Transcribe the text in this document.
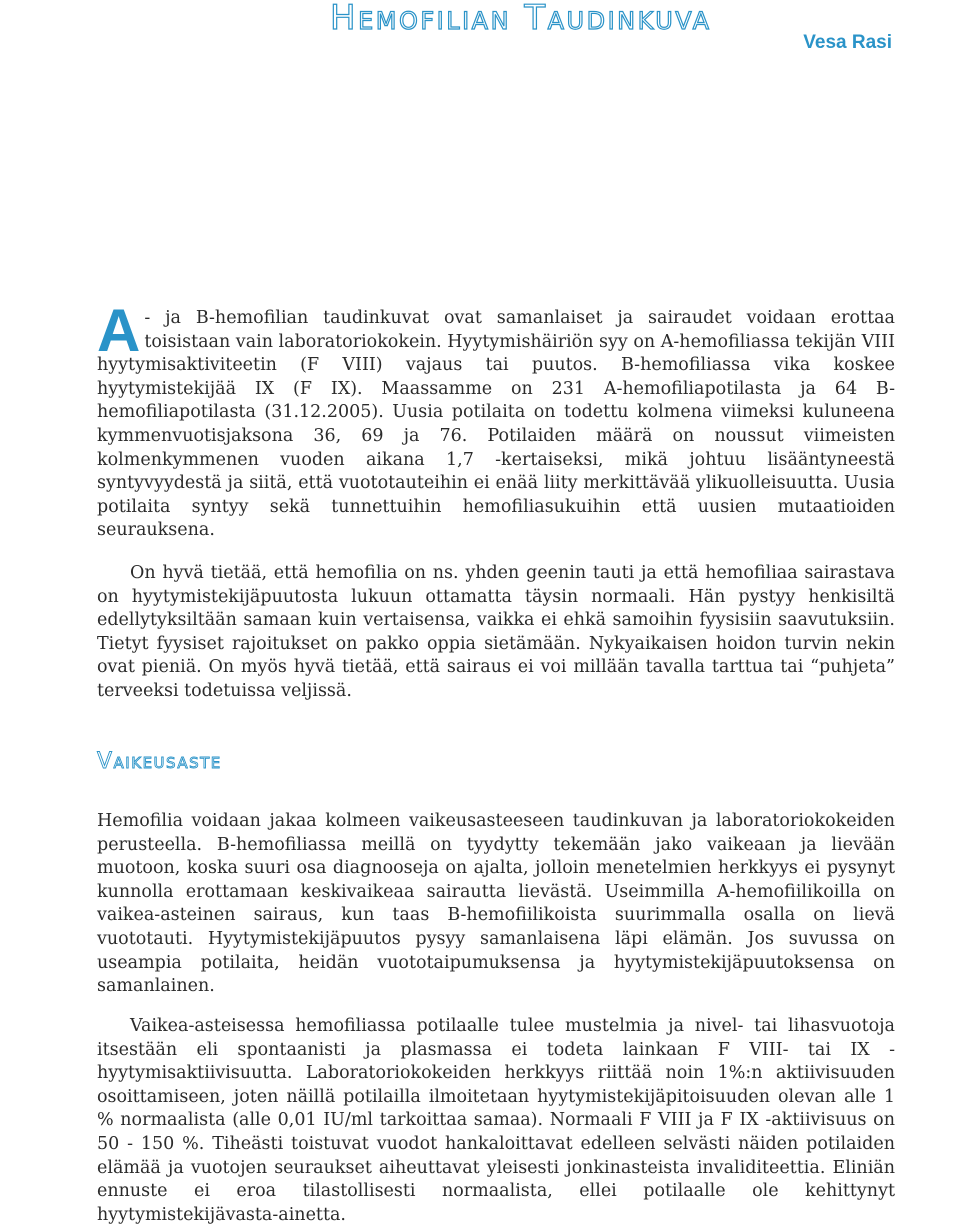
Hemofilian Taudinkuva
Vesa Rasi

A - ja B-hemofilian taudinkuvat ovat samanlaiset ja sairaudet voidaan erottaa toisistaan vain laboratoriokokein. Hyytymishäiriön syy on A-hemofiliassa tekijän VIII hyytymisaktiviteetin (F VIII) vajaus tai puutos. B-hemofiliassa vika koskee hyytymistekijää IX (F IX). Maassamme on 231 A-hemofiliapotilasta ja 64 B-hemofiliapotilasta (31.12.2005). Uusia potilaita on todettu kolmena viimeksi kuluneena kymmenvuotisjaksona 36, 69 ja 76. Potilaiden määrä on noussut viimeisten kolmenkymmenen vuoden aikana 1,7 -kertaiseksi, mikä johtuu lisääntyneestä syntyvyydestä ja siitä, että vuototauteihin ei enää liity merkittävää ylikuolleisuutta. Uusia potilaita syntyy sekä tunnettuihin hemofiliasukuihin että uusien mutaatioiden seurauksena.

On hyvä tietää, että hemofilia on ns. yhden geenin tauti ja että hemofiliaa sairastava on hyytymistekijäpuutosta lukuun ottamatta täysin normaali. Hän pystyy henkisiltä edellytyksiltään samaan kuin vertaisensa, vaikka ei ehkä samoihin fyysisiin saavutuksiin. Tietyt fyysiset rajoitukset on pakko oppia sietämään. Nykyaikaisen hoidon turvin nekin ovat pieniä. On myös hyvä tietää, että sairaus ei voi millään tavalla tarttua tai “puhjeta” terveeksi todetuissa veljissä.

Vaikeusaste

Hemofilia voidaan jakaa kolmeen vaikeusasteeseen taudinkuvan ja laboratoriokokeiden perusteella. B-hemofiliassa meillä on tyydytty tekemään jako vaikeaan ja lievään muotoon, koska suuri osa diagnooseja on ajalta, jolloin menetelmien herkkyys ei pysynyt kunnolla erottamaan keskivaikeaa sairautta lievästä. Useimmilla A-hemofiilikoilla on vaikea-asteinen sairaus, kun taas B-hemofiilikoista suurimmalla osalla on lievä vuototauti. Hyytymistekijäpuutos pysyy samanlaisena läpi elämän. Jos suvussa on useampia potilaita, heidän vuototaipumuksensa ja hyytymistekijäpuutoksensa on samanlainen.

Vaikea-asteisessa hemofiliassa potilaalle tulee mustelmia ja nivel- tai lihasvuotoja itsestään eli spontaanisti ja plasmassa ei todeta lainkaan F VIII- tai IX -hyytymisaktiivisuutta. Laboratoriokokeiden herkkyys riittää noin 1%:n aktiivisuuden osoittamiseen, joten näillä potilailla ilmoitetaan hyytymistekijäpitoisuuden olevan alle 1 % normaalista (alle 0,01 IU/ml tarkoittaa samaa). Normaali F VIII ja F IX -aktiivisuus on 50 - 150 %. Tiheästi toistuvat vuodot hankaloittavat edelleen selvästi näiden potilaiden elämää ja vuotojen seuraukset aiheuttavat yleisesti jonkinasteista invaliditeettia. Eliniän ennuste ei eroa tilastollisesti normaalista, ellei potilaalle ole kehittynyt hyytymistekijävasta-ainetta.
